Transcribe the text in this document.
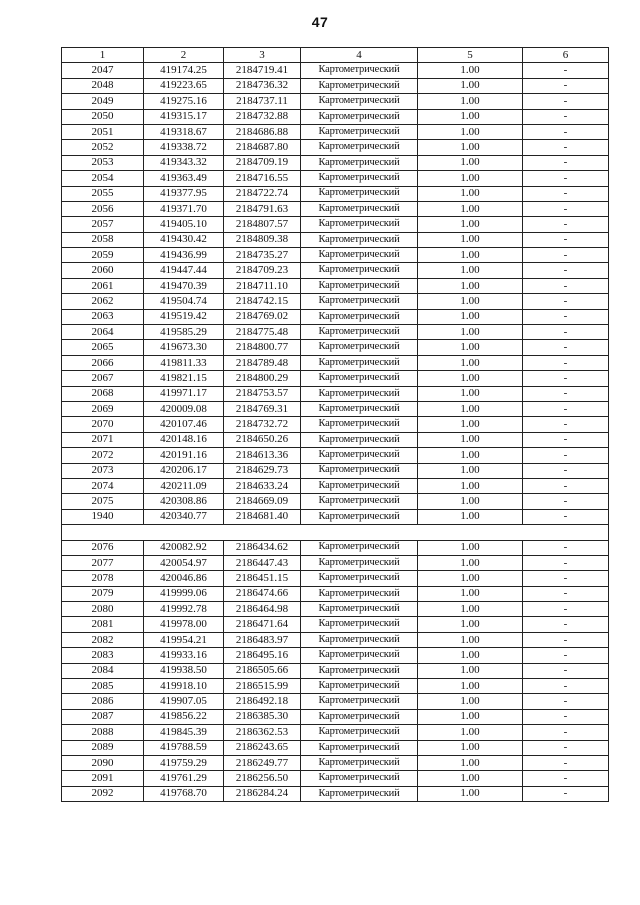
47
1	2	3	4	5	6
2047	419174.25	2184719.41	Картометрический	1.00	-
2048	419223.65	2184736.32	Картометрический	1.00	-
2049	419275.16	2184737.11	Картометрический	1.00	-
2050	419315.17	2184732.88	Картометрический	1.00	-
2051	419318.67	2184686.88	Картометрический	1.00	-
2052	419338.72	2184687.80	Картометрический	1.00	-
2053	419343.32	2184709.19	Картометрический	1.00	-
2054	419363.49	2184716.55	Картометрический	1.00	-
2055	419377.95	2184722.74	Картометрический	1.00	-
2056	419371.70	2184791.63	Картометрический	1.00	-
2057	419405.10	2184807.57	Картометрический	1.00	-
2058	419430.42	2184809.38	Картометрический	1.00	-
2059	419436.99	2184735.27	Картометрический	1.00	-
2060	419447.44	2184709.23	Картометрический	1.00	-
2061	419470.39	2184711.10	Картометрический	1.00	-
2062	419504.74	2184742.15	Картометрический	1.00	-
2063	419519.42	2184769.02	Картометрический	1.00	-
2064	419585.29	2184775.48	Картометрический	1.00	-
2065	419673.30	2184800.77	Картометрический	1.00	-
2066	419811.33	2184789.48	Картометрический	1.00	-
2067	419821.15	2184800.29	Картометрический	1.00	-
2068	419971.17	2184753.57	Картометрический	1.00	-
2069	420009.08	2184769.31	Картометрический	1.00	-
2070	420107.46	2184732.72	Картометрический	1.00	-
2071	420148.16	2184650.26	Картометрический	1.00	-
2072	420191.16	2184613.36	Картометрический	1.00	-
2073	420206.17	2184629.73	Картометрический	1.00	-
2074	420211.09	2184633.24	Картометрический	1.00	-
2075	420308.86	2184669.09	Картометрический	1.00	-
1940	420340.77	2184681.40	Картометрический	1.00	-

2076	420082.92	2186434.62	Картометрический	1.00	-
2077	420054.97	2186447.43	Картометрический	1.00	-
2078	420046.86	2186451.15	Картометрический	1.00	-
2079	419999.06	2186474.66	Картометрический	1.00	-
2080	419992.78	2186464.98	Картометрический	1.00	-
2081	419978.00	2186471.64	Картометрический	1.00	-
2082	419954.21	2186483.97	Картометрический	1.00	-
2083	419933.16	2186495.16	Картометрический	1.00	-
2084	419938.50	2186505.66	Картометрический	1.00	-
2085	419918.10	2186515.99	Картометрический	1.00	-
2086	419907.05	2186492.18	Картометрический	1.00	-
2087	419856.22	2186385.30	Картометрический	1.00	-
2088	419845.39	2186362.53	Картометрический	1.00	-
2089	419788.59	2186243.65	Картометрический	1.00	-
2090	419759.29	2186249.77	Картометрический	1.00	-
2091	419761.29	2186256.50	Картометрический	1.00	-
2092	419768.70	2186284.24	Картометрический	1.00	-
